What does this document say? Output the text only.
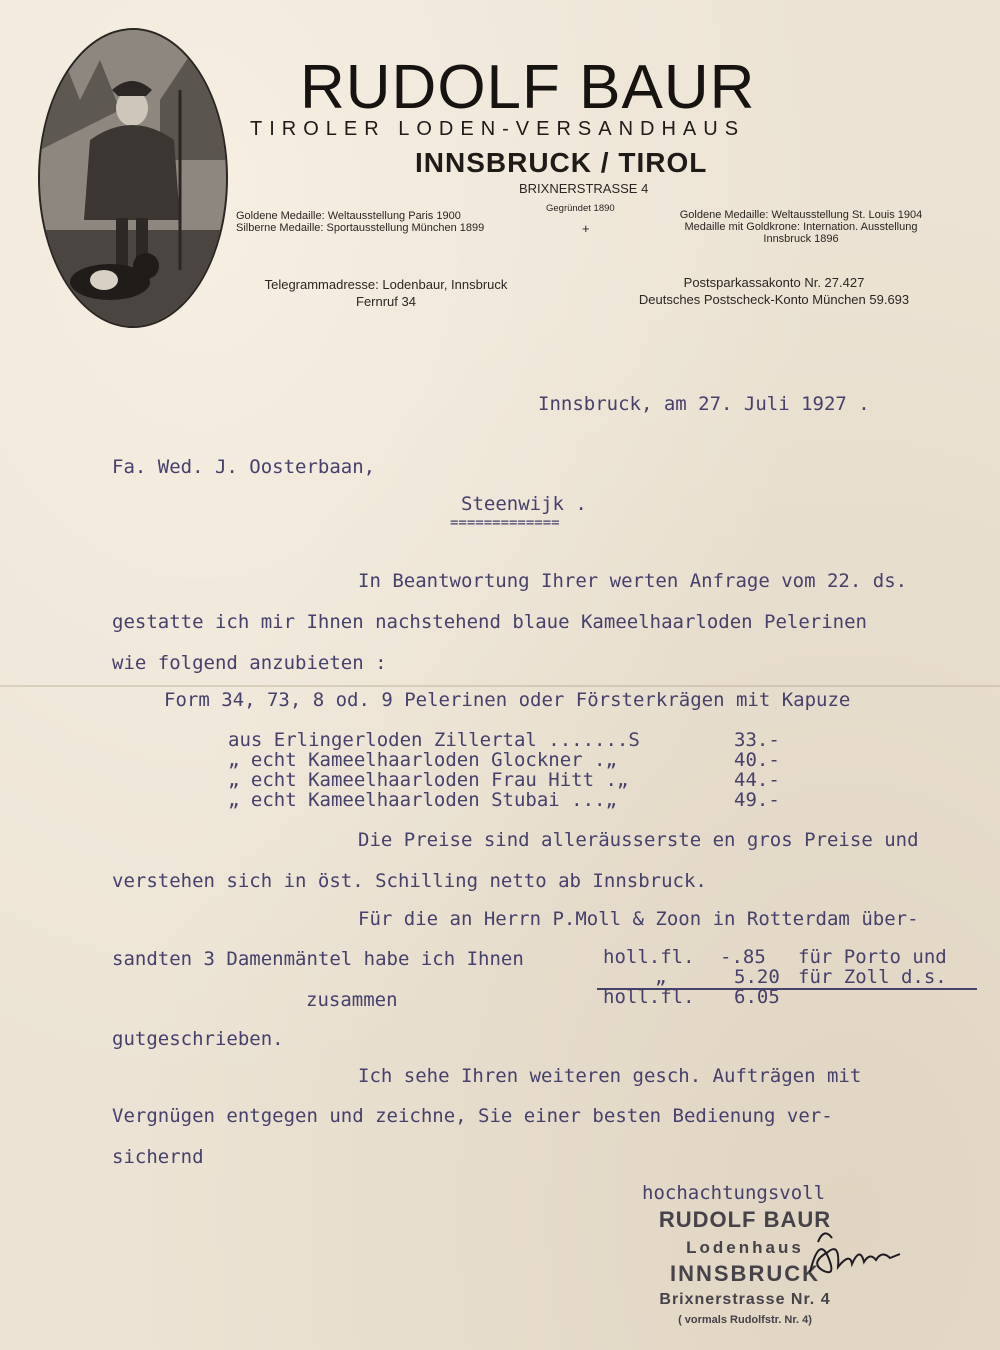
RUDOLF BAUR
TIROLER LODEN-VERSANDHAUS
INNSBRUCK / TIROL
BRIXNERSTRASSE 4
Gegründet 1890
+
Goldene Medaille: Weltausstellung Paris 1900
Silberne Medaille: Sportausstellung München 1899
Goldene Medaille: Weltausstellung St. Louis 1904
Medaille mit Goldkrone: Internation. Ausstellung
Innsbruck 1896
Telegrammadresse: Lodenbaur, Innsbruck
Fernruf 34
Postsparkassakonto Nr. 27.427
Deutsches Postscheck-Konto München 59.693
Innsbruck, am 27. Juli 1927 .
Fa. Wed. J. Oosterbaan,
Steenwijk .
=============
In Beantwortung Ihrer werten Anfrage vom 22. ds.
gestatte ich mir Ihnen nachstehend blaue Kameelhaarloden Pelerinen
wie folgend anzubieten :
Form 34, 73, 8 od. 9 Pelerinen oder Försterkrägen mit Kapuze
aus Erlingerloden Zillertal .......S	33.-
„ echt Kameelhaarloden Glockner .„	40.-
„ echt Kameelhaarloden Frau Hitt .„	44.-
„ echt Kameelhaarloden Stubai ...„	49.-
Die Preise sind alleräusserste en gros Preise und
verstehen sich in öst. Schilling netto ab Innsbruck.
Für die an Herrn P.Moll & Zoon in Rotterdam über-
sandten 3 Damenmäntel habe ich Ihnen	holl.fl. -.85 für Porto und
„	5.20 für Zoll d.s.
zusammen	holl.fl. 6.05
gutgeschrieben.
Ich sehe Ihren weiteren gesch. Aufträgen mit
Vergnügen entgegen und zeichne, Sie einer besten Bedienung ver-
sichernd
hochachtungsvoll
RUDOLF BAUR
Lodenhaus
INNSBRUCK
Brixnerstrasse Nr. 4
( vormals Rudolfstr. Nr. 4)
